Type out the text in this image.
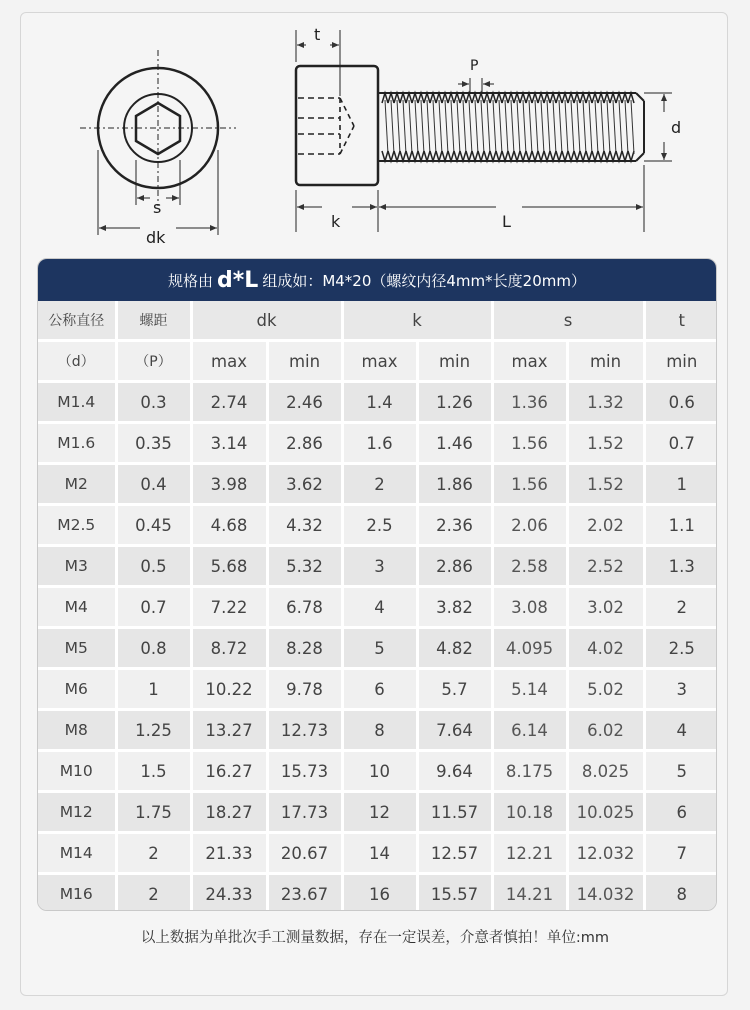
t
P
d
s
dk
k	L
规格由 d*L 组成如：M4*20（螺纹内径4mm*长度20mm）
公称直径	螺距	dk		k		s		t
（d）	（P）	max	min	max	min	max	min	min
M1.4	0.3	2.74	2.46	1.4	1.26	1.36	1.32	0.6
M1.6	0.35	3.14	2.86	1.6	1.46	1.56	1.52	0.7
M2	0.4	3.98	3.62	2	1.86	1.56	1.52	1
M2.5	0.45	4.68	4.32	2.5	2.36	2.06	2.02	1.1
M3	0.5	5.68	5.32	3	2.86	2.58	2.52	1.3
M4	0.7	7.22	6.78	4	3.82	3.08	3.02	2
M5	0.8	8.72	8.28	5	4.82	4.095	4.02	2.5
M6	1	10.22	9.78	6	5.7	5.14	5.02	3
M8	1.25	13.27	12.73	8	7.64	6.14	6.02	4
M10	1.5	16.27	15.73	10	9.64	8.175	8.025	5
M12	1.75	18.27	17.73	12	11.57	10.18	10.025	6
M14	2	21.33	20.67	14	12.57	12.21	12.032	7
M16	2	24.33	23.67	16	15.57	14.21	14.032	8

以上数据为单批次手工测量数据，存在一定误差，介意者慎拍！单位:mm
